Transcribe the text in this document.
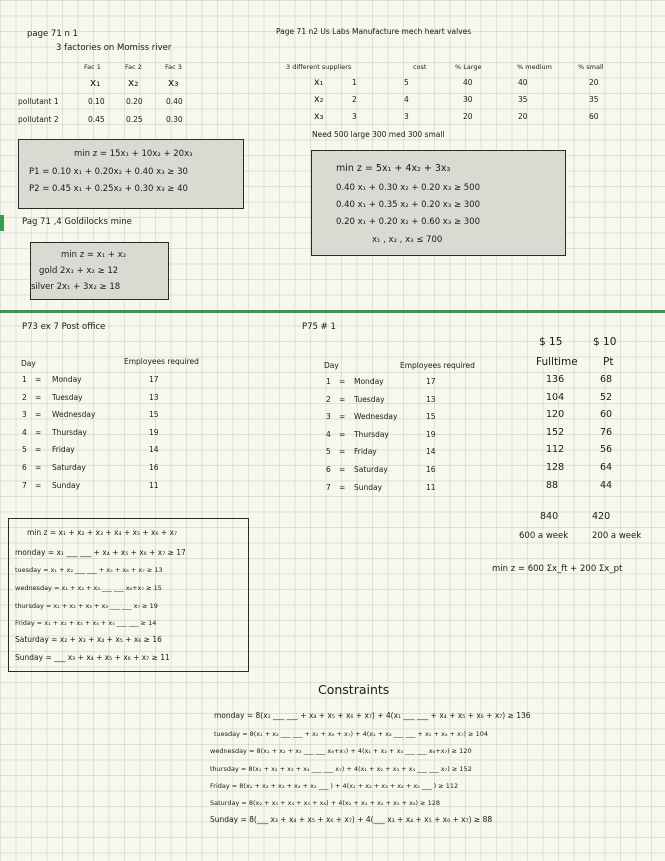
page 71 n 1
3 factories on Momiss river
Fac 1	Fac 2	Fac 3
x₁	x₂	x₃
pollutant 1	0.10	0.20	0.40
pollutant 2	0.45	0.25	0.30
min z = 15x₁ + 10x₂ + 20x₃
P1 = 0.10 x₁ + 0.20x₂ + 0.40 x₃ ≥ 30
P2 = 0.45 x₁ + 0.25x₂ + 0.30 x₃ ≥ 40
Page 71 n2 Us Labs Manufacture mech heart valves
3 different suppliers	cost	% Large	% medium	% small
x₁	1	5	40	40	20
x₂	2	4	30	35	35
x₃	3	3	20	20	60
Need 500 large 300 med 300 small
min z = 5x₁ + 4x₂ + 3x₃
0.40 x₁ + 0.30 x₂ + 0.20 x₃ ≥ 500
0.40 x₁ + 0.35 x₂ + 0.20 x₃ ≥ 300
0.20 x₁ + 0.20 x₂ + 0.60 x₃ ≥ 300
x₁ , x₂ , x₃ ≤ 700
Pag 71 ,4 Goldilocks mine
min z = x₁ + x₂
gold 2x₁ + x₂ ≥ 12
silver 2x₁ + 3x₂ ≥ 18
P73 ex 7 Post office
Day	Employees required
1 = Monday	17
2 = Tuesday	13
3 = Wednesday	15
4 = Thursday	19
5 = Friday	14
6 = Saturday	16
7 = Sunday	11
min z = x₁ + x₂ + x₃ + x₄ + x₅ + x₆ + x₇
monday = x₁ ___ ___ + x₄ + x₅ + x₆ + x₇ ≥ 17
tuesday = x₁ + x₂ ___ ___ + x₅ + x₆ + x₇ ≥ 13
wednesday = x₁ + x₂ + x₃ ___ ___ x₆+x₇ ≥ 15
thursday = x₁ + x₂ + x₃ + x₄ ___ ___ x₇ ≥ 19
Friday = x₁ + x₂ + x₃ + x₄ + x₅ ___ ___ ≥ 14
Saturday = x₂ + x₃ + x₄ + x₅ + x₆ ≥ 16
Sunday = ___ x₃ + x₄ + x₅ + x₆ + x₇ ≥ 11
P75 # 1
$ 15	$ 10
Day	Employees required	Fulltime Pt
1 = Monday	17	136	68
2 = Tuesday	13	104	52
3 = Wednesday	15	120	60
4 = Thursday	19	152	76
5 = Friday	14	112	56
6 = Saturday	16	128	64
7 = Sunday	11	88	44
840	420
600 a week	200 a week
min z = 600 Σx_ft + 200 Σx_pt
Constraints
monday = 8(x₁ ___ ___ + x₄ + x₅ + x₆ + x₇) + 4(x₁ ___ ___ + x₄ + x₅ + x₆ + x₇) ≥ 136
tuesday = 8(x₁ + x₂ ___ ___ + x₅ + x₆ + x₇) + 4(x₁ + x₂ ___ ___ + x₅ + x₆ + x₇) ≥ 104
wednesday = 8(x₁ + x₂ + x₃ ___ ___ x₆+x₇) + 4(x₁ + x₂ + x₃ ___ ___ x₆+x₇) ≥ 120
thursday = 8(x₁ + x₂ + x₃ + x₄ ___ ___ x₇) + 4(x₁ + x₂ + x₃ + x₄ ___ ___ x₇) ≥ 152
Friday = 8(x₁ + x₂ + x₃ + x₄ + x₅ ___ ) + 4(x₁ + x₂ + x₃ + x₄ + x₅ ___ ) ≥ 112
Saturday = 8(x₂ + x₃ + x₄ + x₅ + x₆) + 4(x₂ + x₃ + x₄ + x₅ + x₆) ≥ 128
Sunday = 8(___ x₃ + x₄ + x₅ + x₆ + x₇) + 4(___ x₃ + x₄ + x₅ + x₆ + x₇) ≥ 88
